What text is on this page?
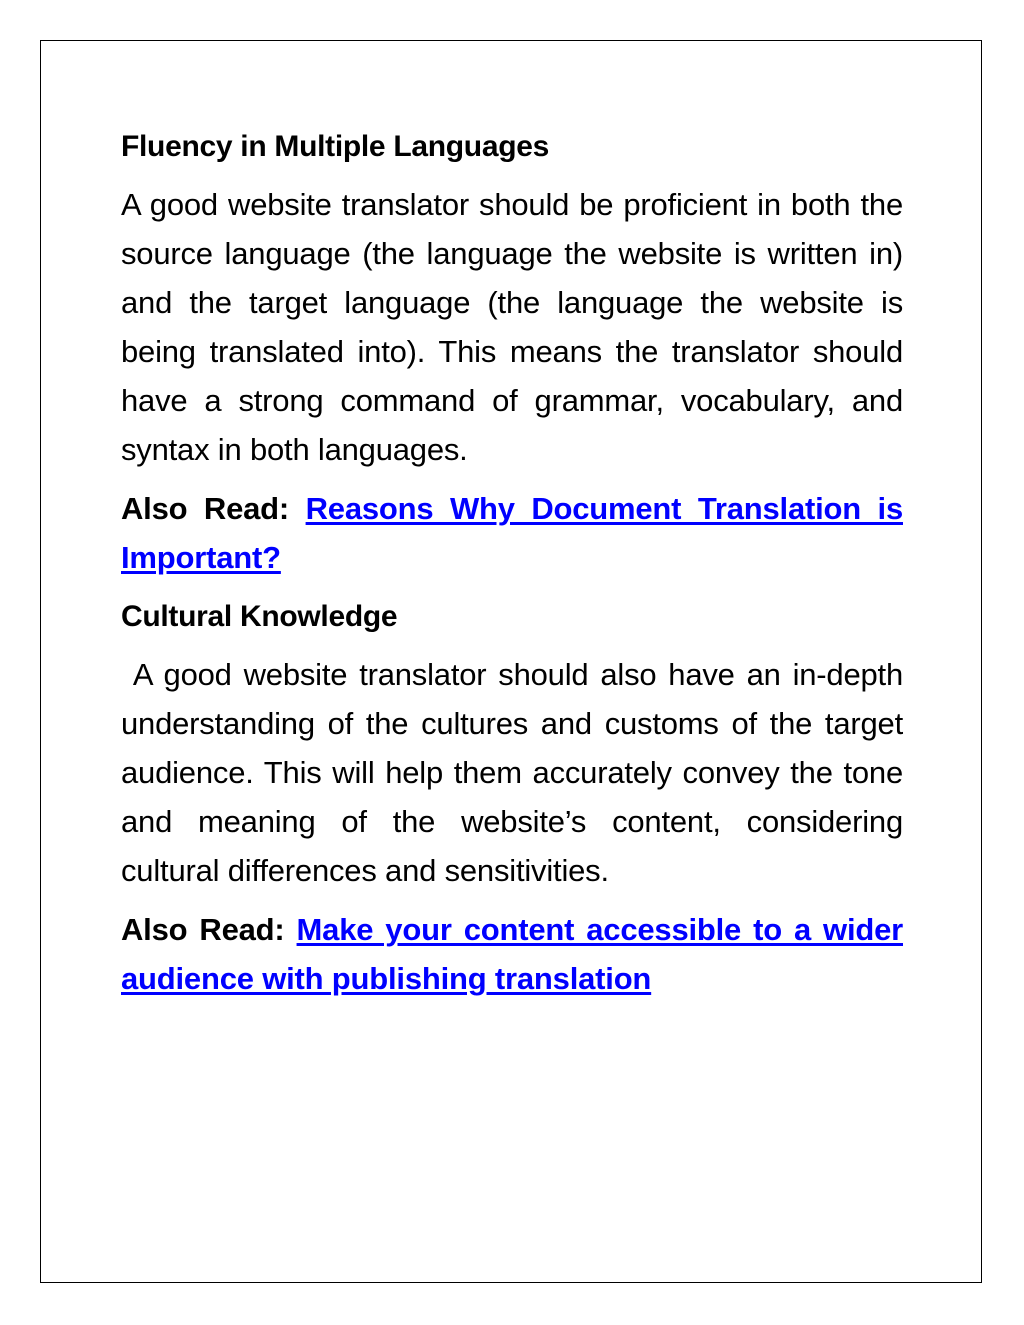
Fluency in Multiple Languages
A good website translator should be proficient in both the source language (the language the website is written in) and the target language (the language the website is being translated into). This means the translator should have a strong command of grammar, vocabulary, and syntax in both languages.
Also Read: Reasons Why Document Translation is Important?
Cultural Knowledge
A good website translator should also have an in-depth understanding of the cultures and customs of the target audience. This will help them accurately convey the tone and meaning of the website’s content, considering cultural differences and sensitivities.
Also Read: Make your content accessible to a wider audience with publishing translation
